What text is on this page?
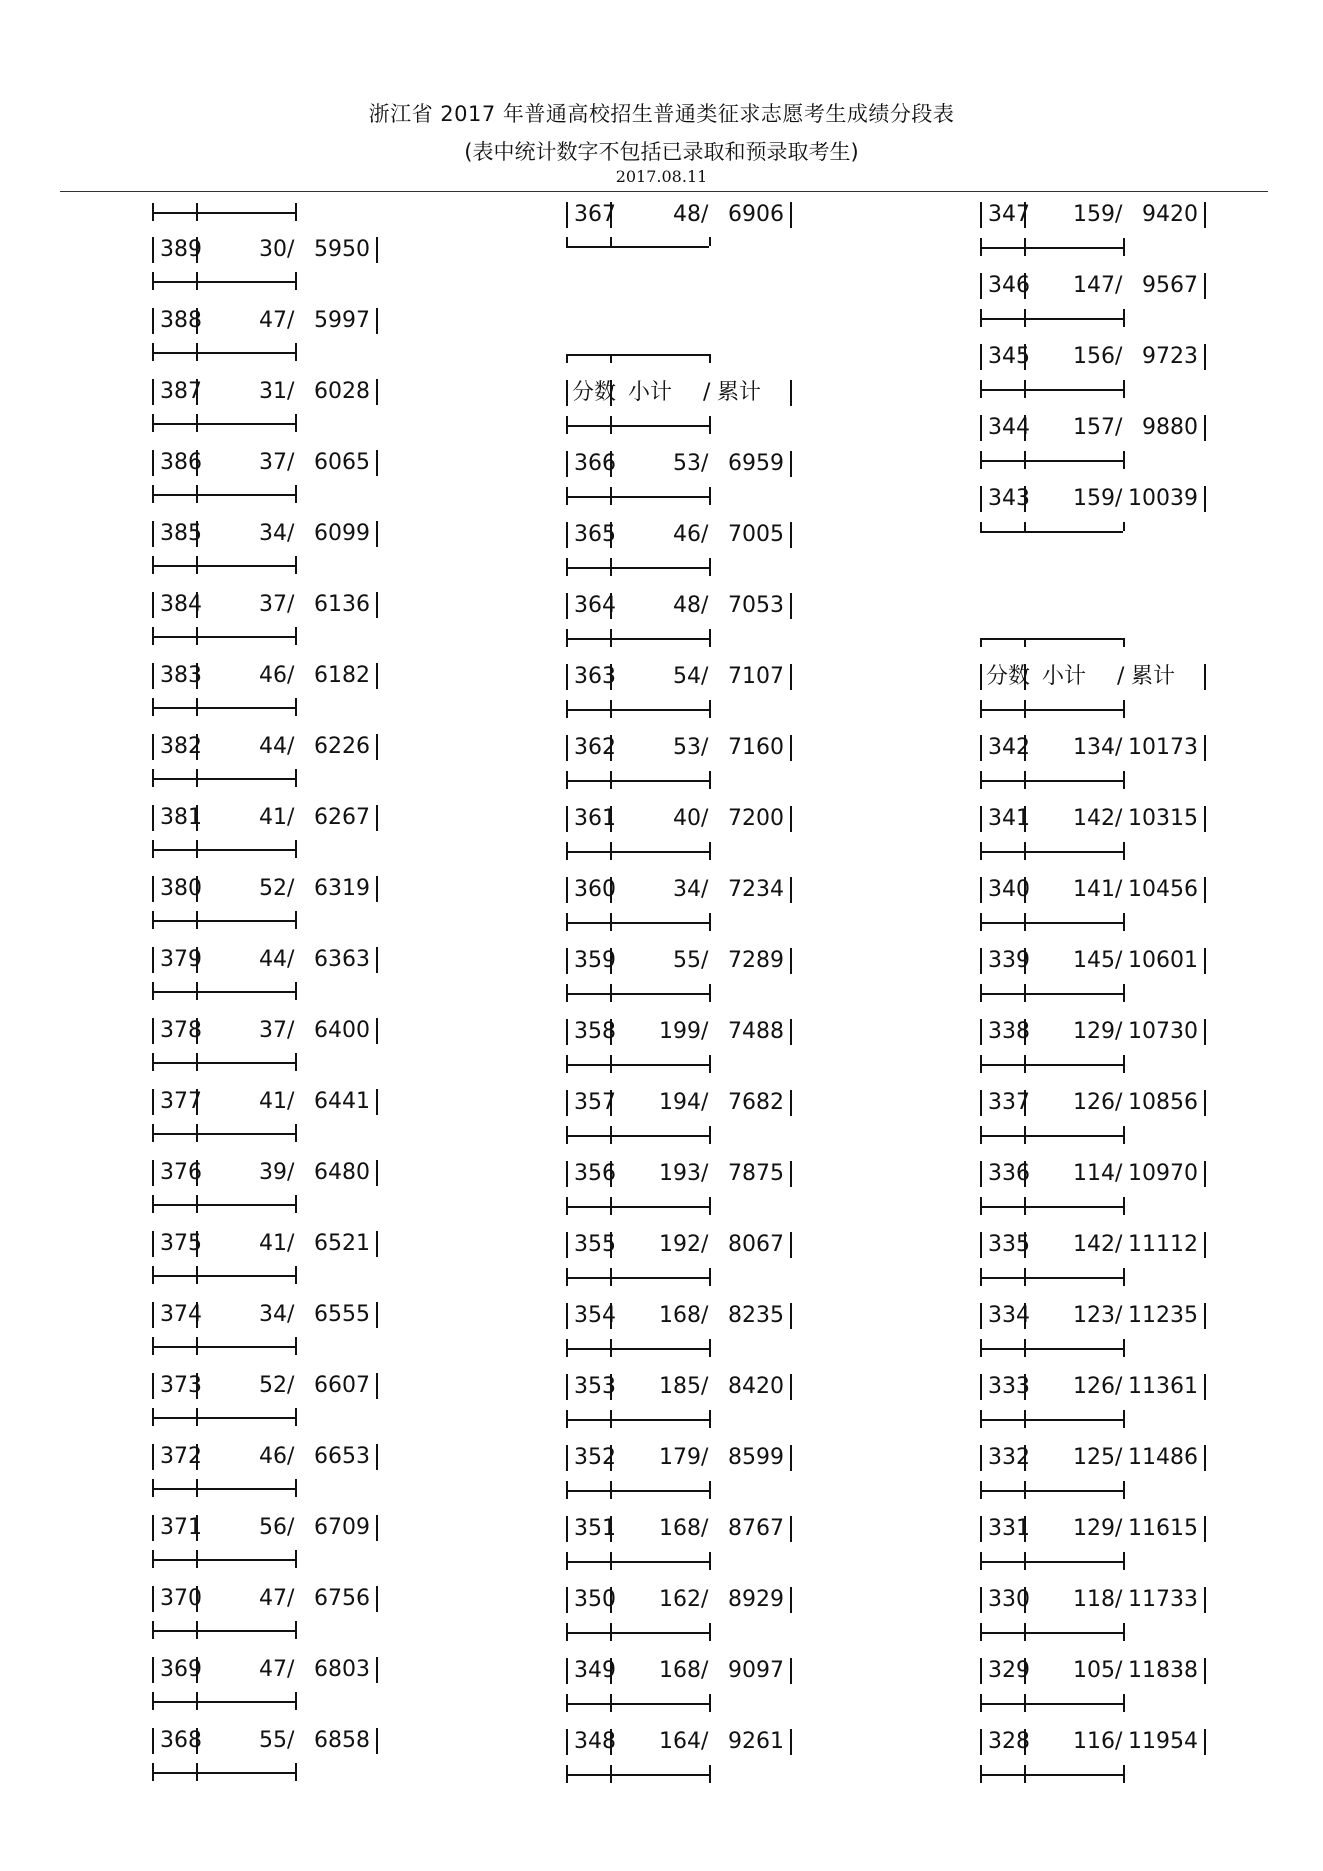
浙江省 2017 年普通高校招生普通类征求志愿考生成绩分段表
(表中统计数字不包括已录取和预录取考生)
2017.08.11
389	30 / 5950
388	47 / 5997
387	31 / 6028
386	37 / 6065
385	34 / 6099
384	37 / 6136
383	46 / 6182
382	44 / 6226
381	41 / 6267
380	52 / 6319
379	44 / 6363
378	37 / 6400
377	41 / 6441
376	39 / 6480
375	41 / 6521
374	34 / 6555
373	52 / 6607
372	46 / 6653
371	56 / 6709
370	47 / 6756
369	47 / 6803
368	55 / 6858
367	48 / 6906
分数 小计 / 累计
366	53 / 6959
365	46 / 7005
364	48 / 7053
363	54 / 7107
362	53 / 7160
361	40 / 7200
360	34 / 7234
359	55 / 7289
358 199 / 7488
357 194 / 7682
356 193 / 7875
355 192 / 8067
354 168 / 8235
353 185 / 8420
352 179 / 8599
351 168 / 8767
350 162 / 8929
349 168 / 9097
348 164 / 9261
347 159 / 9420
346 147 / 9567
345 156 / 9723
344 157 / 9880
343 159 / 10039
分数 小计 / 累计
342 134 / 10173
341 142 / 10315
340 141 / 10456
339 145 / 10601
338 129 / 10730
337 126 / 10856
336 114 / 10970
335 142 / 11112
334 123 / 11235
333 126 / 11361
332 125 / 11486
331 129 / 11615
330 118 / 11733
329 105 / 11838
328 116 / 11954
